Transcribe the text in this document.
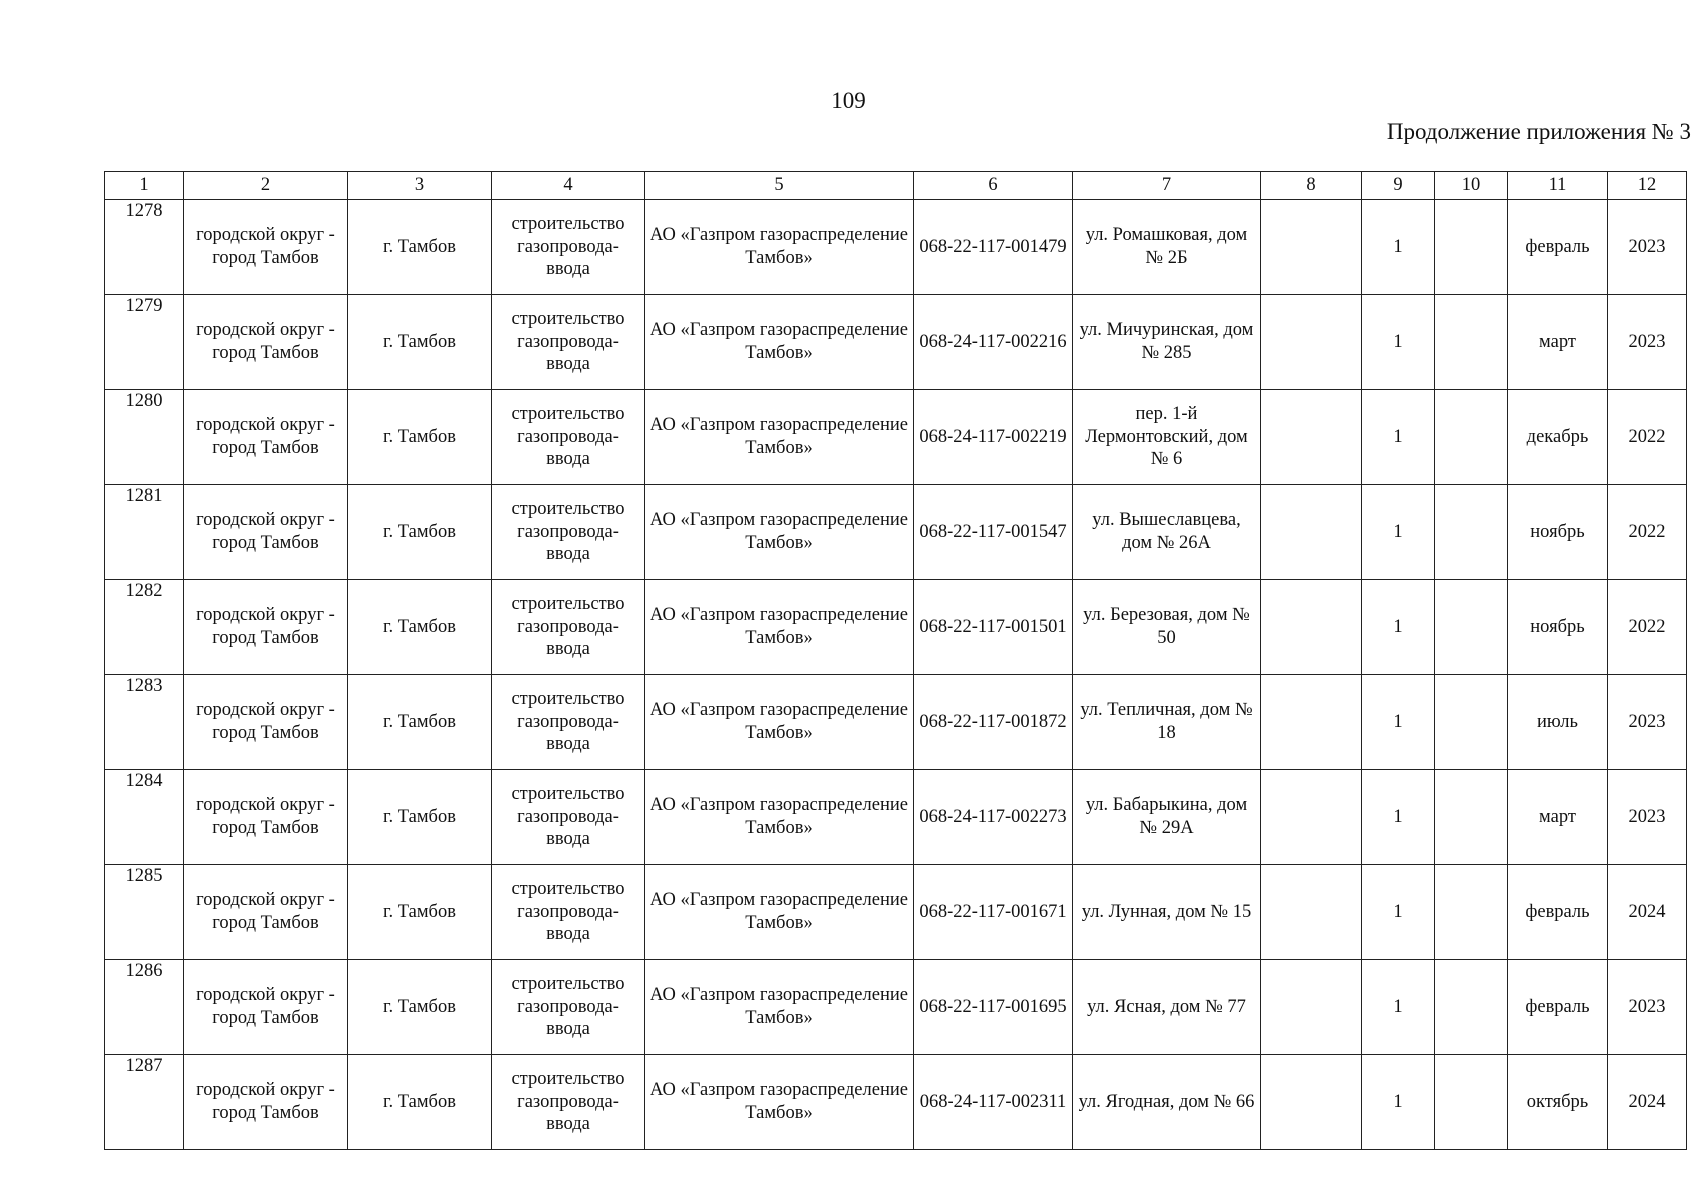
109
Продолжение приложения № 3
1	2	3	4	5	6	7	8	9	10	11	12
1278	городской округ - город Тамбов	г. Тамбов	строительство газопровода-ввода	АО «Газпром газораспределение Тамбов»	068-22-117-001479	ул. Ромашковая, дом № 2Б		1		февраль	2023
1279	городской округ - город Тамбов	г. Тамбов	строительство газопровода-ввода	АО «Газпром газораспределение Тамбов»	068-24-117-002216	ул. Мичуринская, дом № 285		1		март	2023
1280	городской округ - город Тамбов	г. Тамбов	строительство газопровода-ввода	АО «Газпром газораспределение Тамбов»	068-24-117-002219	пер. 1-й Лермонтовский, дом № 6		1		декабрь	2022
1281	городской округ - город Тамбов	г. Тамбов	строительство газопровода-ввода	АО «Газпром газораспределение Тамбов»	068-22-117-001547	ул. Вышеславцева, дом № 26А		1		ноябрь	2022
1282	городской округ - город Тамбов	г. Тамбов	строительство газопровода-ввода	АО «Газпром газораспределение Тамбов»	068-22-117-001501	ул. Березовая, дом № 50		1		ноябрь	2022
1283	городской округ - город Тамбов	г. Тамбов	строительство газопровода-ввода	АО «Газпром газораспределение Тамбов»	068-22-117-001872	ул. Тепличная, дом № 18		1		июль	2023
1284	городской округ - город Тамбов	г. Тамбов	строительство газопровода-ввода	АО «Газпром газораспределение Тамбов»	068-24-117-002273	ул. Бабарыкина, дом № 29А		1		март	2023
1285	городской округ - город Тамбов	г. Тамбов	строительство газопровода-ввода	АО «Газпром газораспределение Тамбов»	068-22-117-001671	ул. Лунная, дом № 15		1		февраль	2024
1286	городской округ - город Тамбов	г. Тамбов	строительство газопровода-ввода	АО «Газпром газораспределение Тамбов»	068-22-117-001695	ул. Ясная, дом № 77		1		февраль	2023
1287	городской округ - город Тамбов	г. Тамбов	строительство газопровода-ввода	АО «Газпром газораспределение Тамбов»	068-24-117-002311	ул. Ягодная, дом № 66		1		октябрь	2024
